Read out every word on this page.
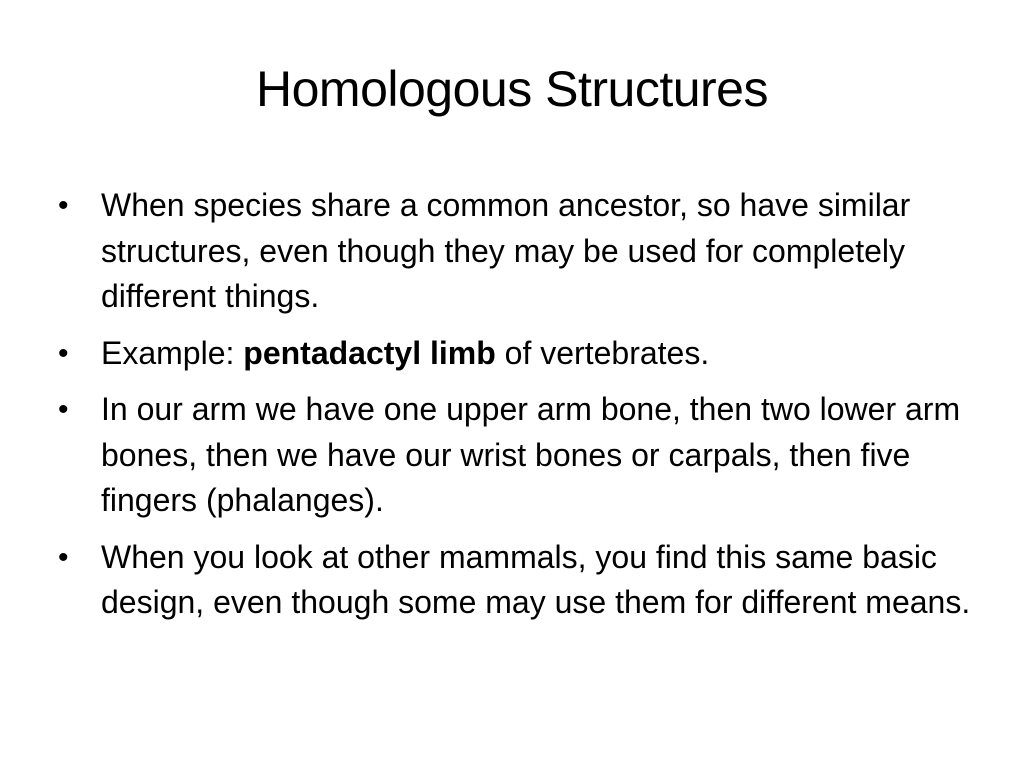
Homologous Structures
• When species share a common ancestor, so have similar structures, even though they may be used for completely different things.
• Example: pentadactyl limb of vertebrates.
• In our arm we have one upper arm bone, then two lower arm bones, then we have our wrist bones or carpals, then five fingers (phalanges).
• When you look at other mammals, you find this same basic design, even though some may use them for different means.
